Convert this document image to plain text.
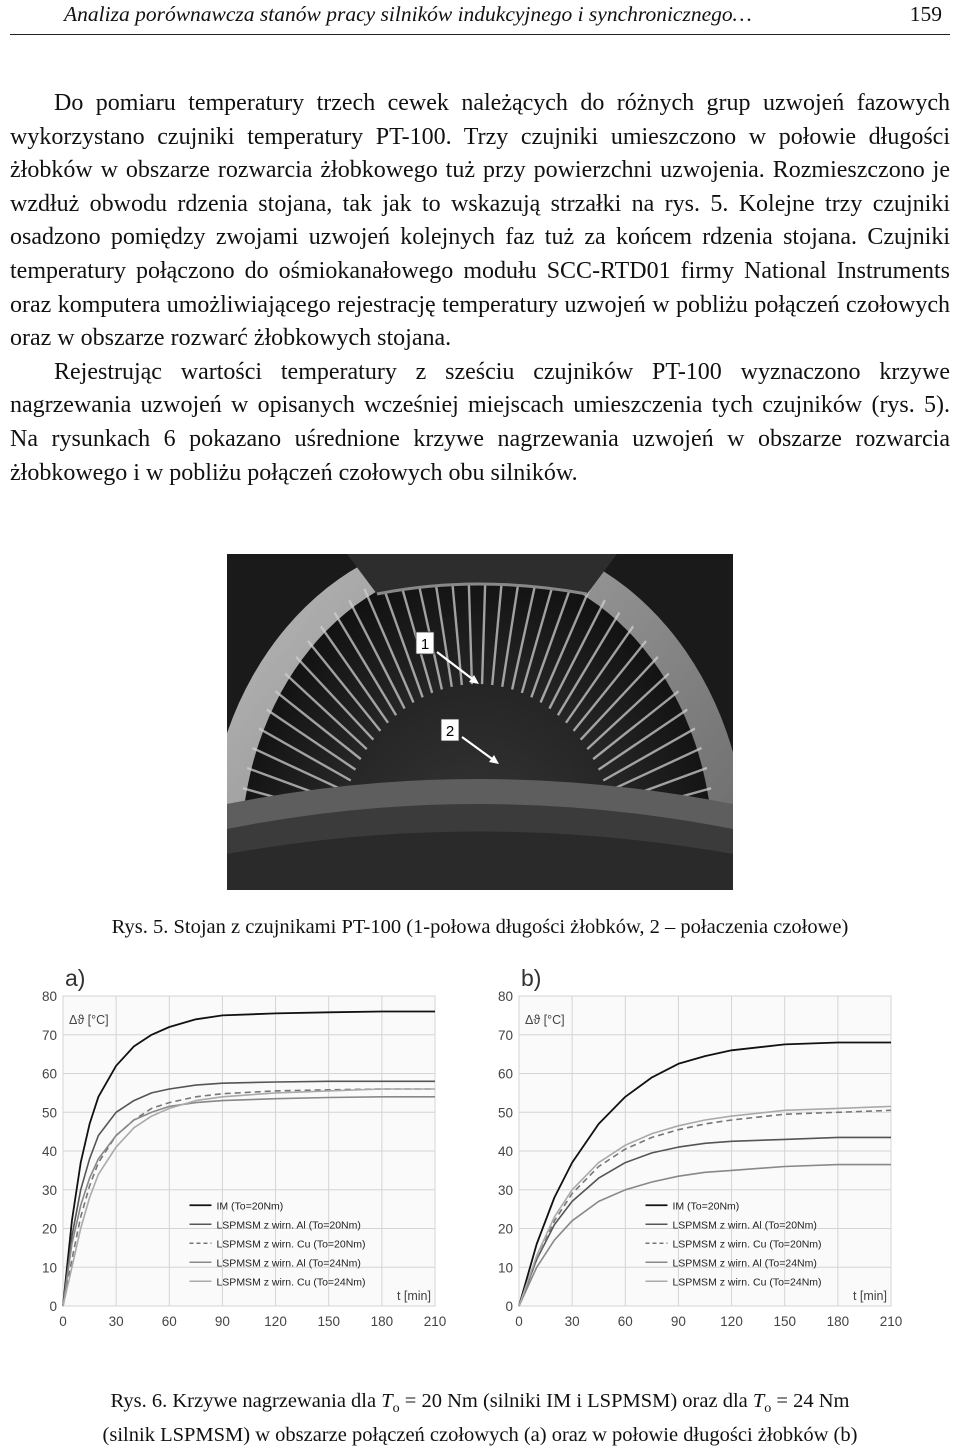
Analiza porównawcza stanów pracy silników indukcyjnego i synchronicznego…	159

Do pomiaru temperatury trzech cewek należących do różnych grup uzwojeń fazowych wykorzystano czujniki temperatury PT-100. Trzy czujniki umieszczono w połowie długości żłobków w obszarze rozwarcia żłobkowego tuż przy powierzchni uzwojenia. Rozmieszczono je wzdłuż obwodu rdzenia stojana, tak jak to wskazują strzałki na rys. 5. Kolejne trzy czujniki osadzono pomiędzy zwojami uzwojeń kolejnych faz tuż za końcem rdzenia stojana. Czujniki temperatury połączono do ośmiokanałowego modułu SCC-RTD01 firmy National Instruments oraz komputera umożliwiającego rejestrację temperatury uzwojeń w pobliżu połączeń czołowych oraz w obszarze rozwarć żłobkowych stojana.

Rejestrując wartości temperatury z sześciu czujników PT-100 wyznaczono krzywe nagrzewania uzwojeń w opisanych wcześniej miejscach umieszczenia tych czujników (rys. 5). Na rysunkach 6 pokazano uśrednione krzywe nagrzewania uzwojeń w obszarze rozwarcia żłobkowego i w pobliżu połączeń czołowych obu silników.

1
2
Rys. 5. Stojan z czujnikami PT-100 (1-połowa długości żłobków, 2 – połaczenia czołowe)
0
10
20
30
40
50
60
70
80
0	30	60	90	120 150 180 210
a)
Δϑ [°C]
t [min]
IM (To=20Nm)
LSPMSM z wirn. Al (To=20Nm)
LSPMSM z wirn. Cu (To=20Nm)
LSPMSM z wirn. Al (To=24Nm)
LSPMSM z wirn. Cu (To=24Nm)
0
10
20
30
40
50
60
70
80
0	30	60	90	120 150 180 210
b)
Δϑ [°C]
t [min]
IM (To=20Nm)
LSPMSM z wirn. Al (To=20Nm)
LSPMSM z wirn. Cu (To=20Nm)
LSPMSM z wirn. Al (To=24Nm)
LSPMSM z wirn. Cu (To=24Nm)
Rys. 6. Krzywe nagrzewania dla $T_o = 20$ Nm (silniki IM i LSPMSM) oraz dla $T_o = 24$ Nm
(silnik LSPMSM) w obszarze połączeń czołowych (a) oraz w połowie długości żłobków (b)
